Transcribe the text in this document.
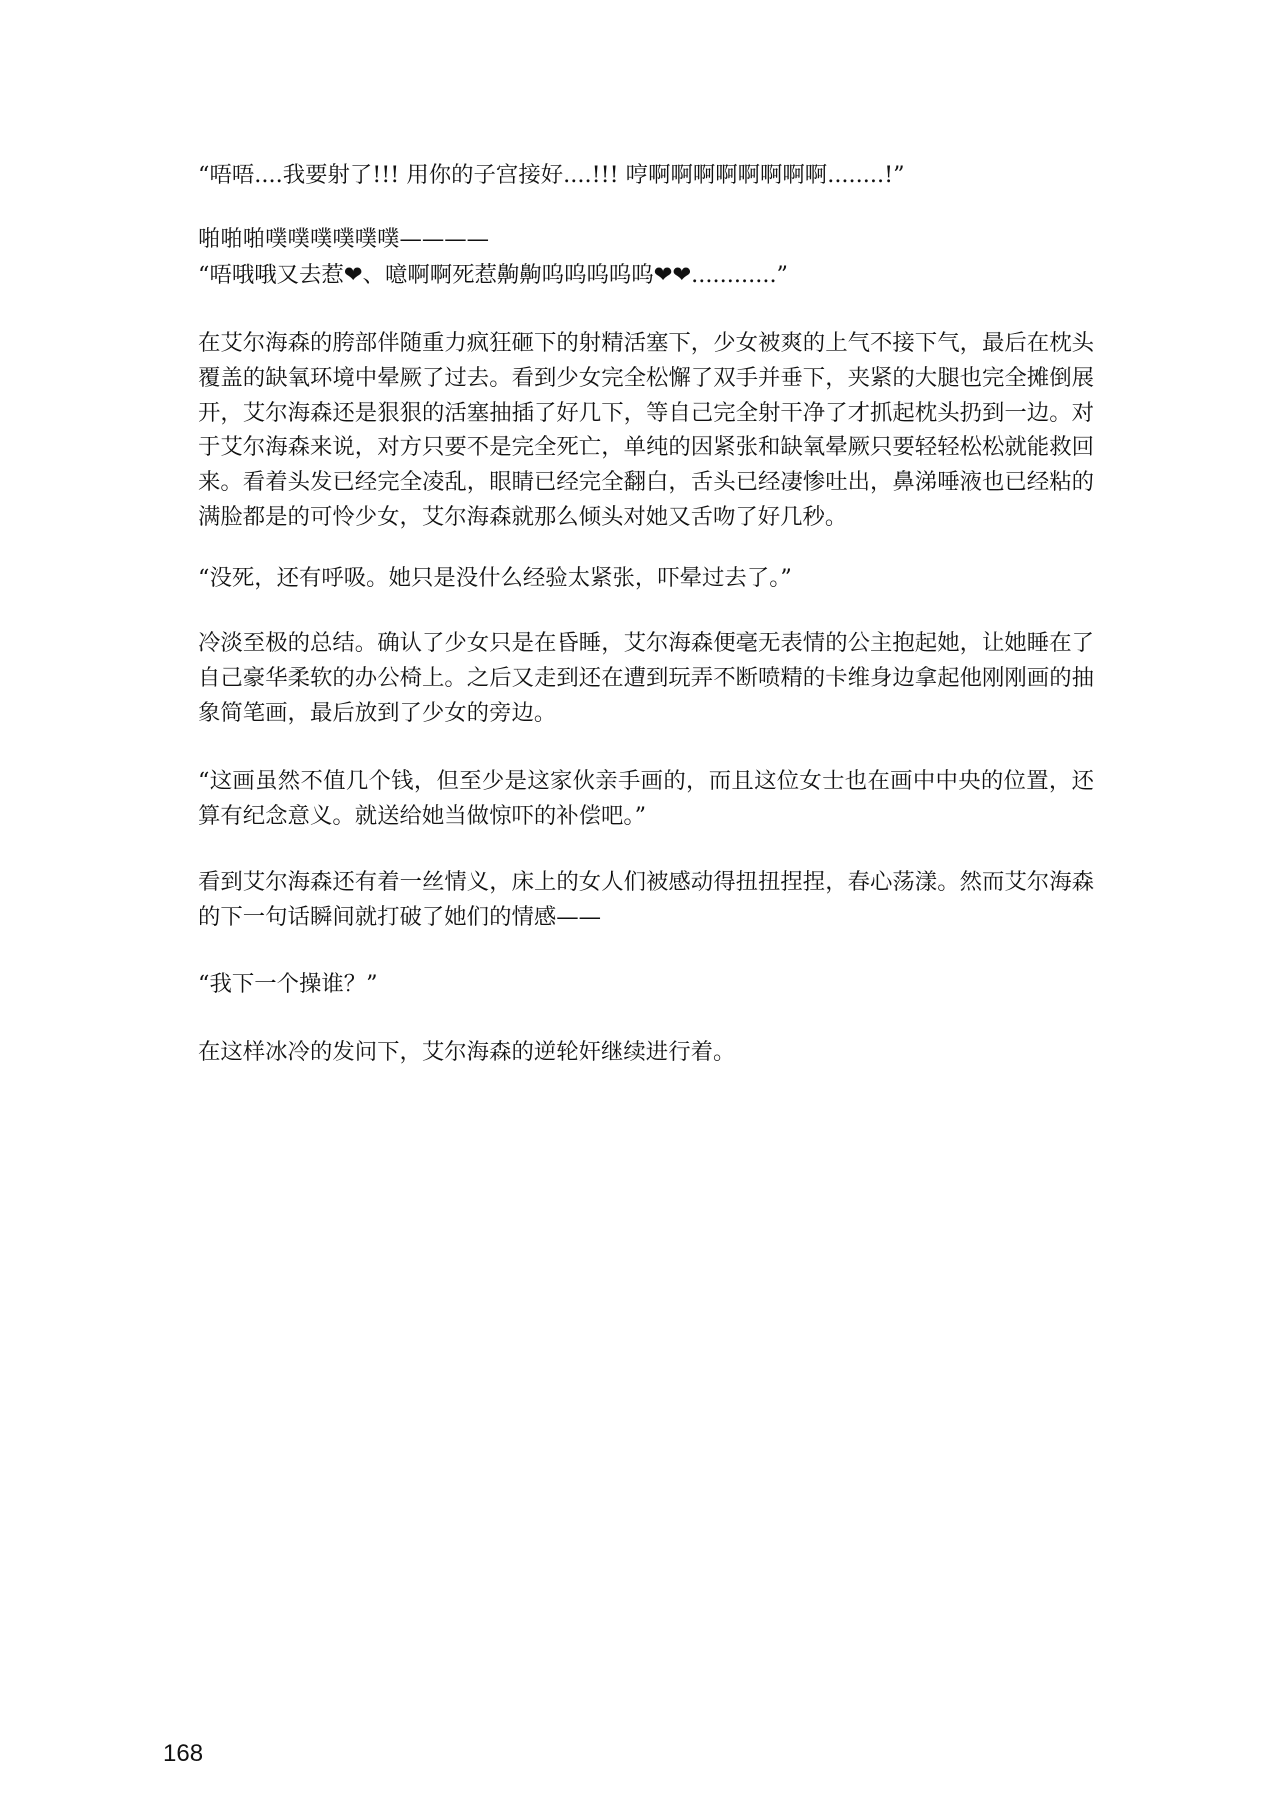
“唔唔....我要射了!!! 用你的子宫接好....!!! 哼啊啊啊啊啊啊啊啊........!”

啪啪啪噗噗噗噗噗噗————

“唔哦哦又去惹❤、噫啊啊死惹齁齁呜呜呜呜呜❤❤............”

在艾尔海森的胯部伴随重力疯狂砸下的射精活塞下，少女被爽的上气不接下气，最后在枕头覆盖的缺氧环境中晕厥了过去。看到少女完全松懈了双手并垂下，夹紧的大腿也完全摊倒展开，艾尔海森还是狠狠的活塞抽插了好几下，等自己完全射干净了才抓起枕头扔到一边。对于艾尔海森来说，对方只要不是完全死亡，单纯的因紧张和缺氧晕厥只要轻轻松松就能救回来。看着头发已经完全凌乱，眼睛已经完全翻白，舌头已经凄惨吐出，鼻涕唾液也已经粘的满脸都是的可怜少女，艾尔海森就那么倾头对她又舌吻了好几秒。

“没死，还有呼吸。她只是没什么经验太紧张，吓晕过去了。”

冷淡至极的总结。确认了少女只是在昏睡，艾尔海森便毫无表情的公主抱起她，让她睡在了自己豪华柔软的办公椅上。之后又走到还在遭到玩弄不断喷精的卡维身边拿起他刚刚画的抽象简笔画，最后放到了少女的旁边。

“这画虽然不值几个钱，但至少是这家伙亲手画的，而且这位女士也在画中中央的位置，还算有纪念意义。就送给她当做惊吓的补偿吧。”

看到艾尔海森还有着一丝情义，床上的女人们被感动得扭扭捏捏，春心荡漾。然而艾尔海森的下一句话瞬间就打破了她们的情感——

“我下一个操谁？”

在这样冰冷的发问下，艾尔海森的逆轮奸继续进行着。

168
